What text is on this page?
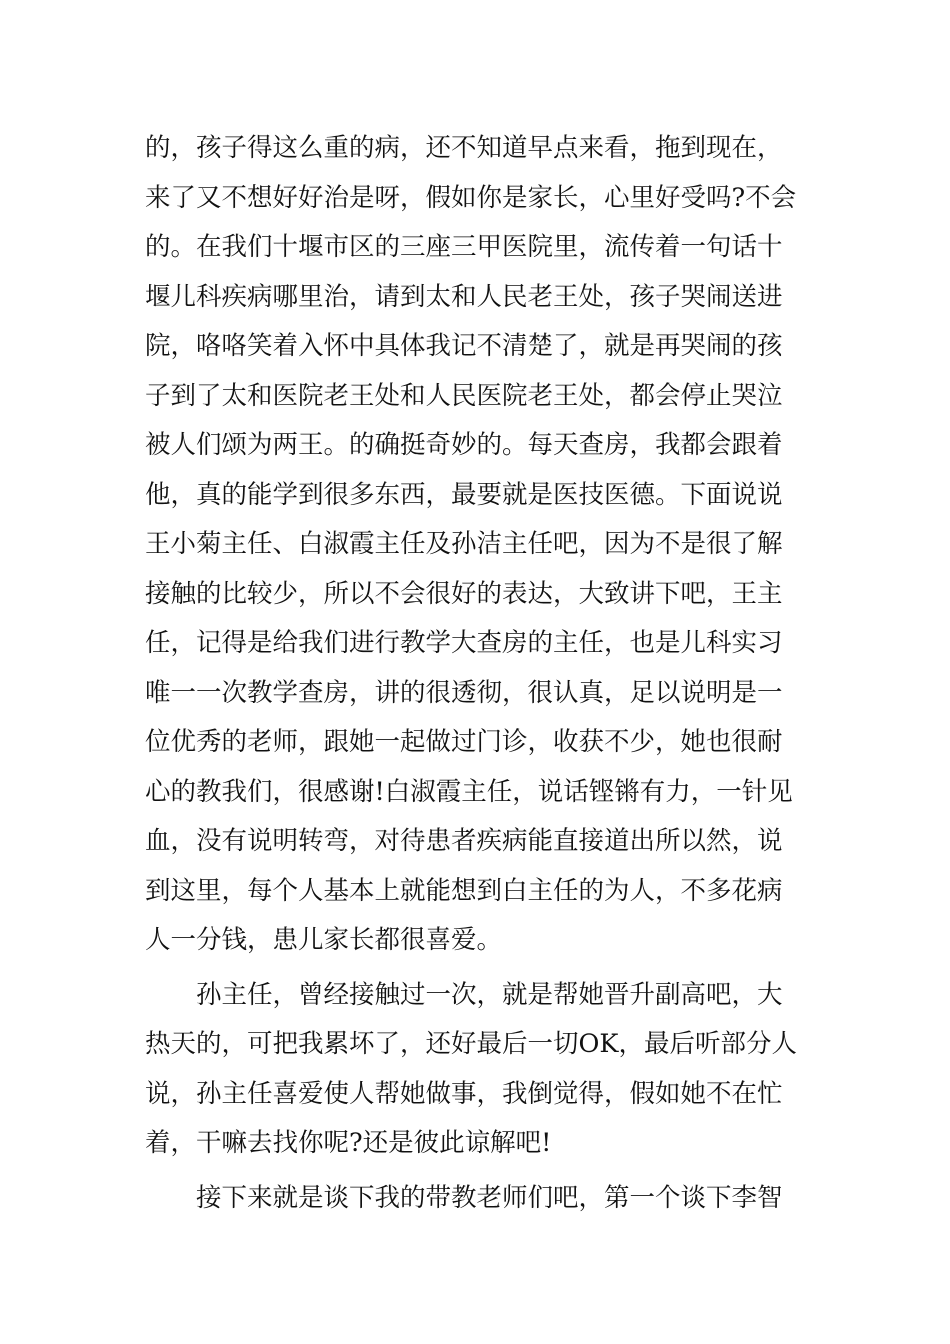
的，孩子得这么重的病，还不知道早点来看，拖到现在，
来了又不想好好治是呀，假如你是家长，心里好受吗?不会
的。在我们十堰市区的三座三甲医院里，流传着一句话十
堰儿科疾病哪里治，请到太和人民老王处，孩子哭闹送进
院，咯咯笑着入怀中具体我记不清楚了，就是再哭闹的孩
子到了太和医院老王处和人民医院老王处，都会停止哭泣
被人们颂为两王。的确挺奇妙的。每天查房，我都会跟着
他，真的能学到很多东西，最要就是医技医德。下面说说
王小菊主任、白淑霞主任及孙洁主任吧，因为不是很了解
接触的比较少，所以不会很好的表达，大致讲下吧，王主
任，记得是给我们进行教学大查房的主任，也是儿科实习
唯一一次教学查房，讲的很透彻，很认真，足以说明是一
位优秀的老师，跟她一起做过门诊，收获不少，她也很耐
心的教我们，很感谢!白淑霞主任，说话铿锵有力，一针见
血，没有说明转弯，对待患者疾病能直接道出所以然，说
到这里，每个人基本上就能想到白主任的为人，不多花病
人一分钱，患儿家长都很喜爱。
　　孙主任，曾经接触过一次，就是帮她晋升副高吧，大
热天的，可把我累坏了，还好最后一切OK，最后听部分人
说，孙主任喜爱使人帮她做事，我倒觉得，假如她不在忙
着，干嘛去找你呢?还是彼此谅解吧!
　　接下来就是谈下我的带教老师们吧，第一个谈下李智
